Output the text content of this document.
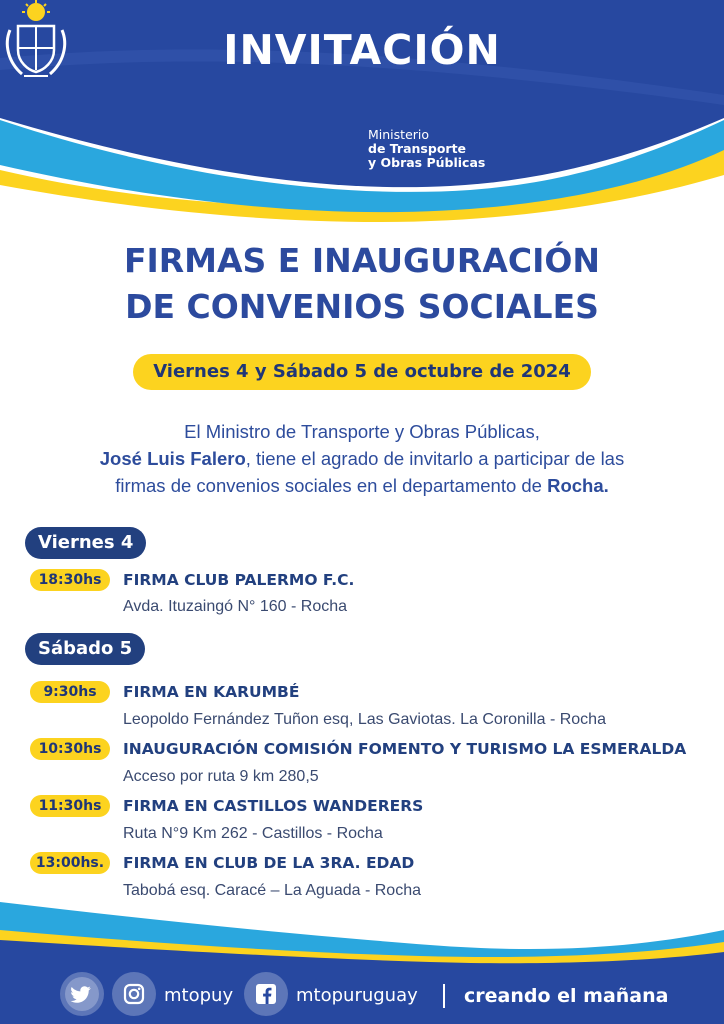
INVITACIÓN
Ministerio
de Transporte
y Obras Públicas
FIRMAS E INAUGURACIÓN
DE CONVENIOS SOCIALES
Viernes 4 y Sábado 5 de octubre de 2024
El Ministro de Transporte y Obras Públicas,
José Luis Falero, tiene el agrado de invitarlo a participar de las
firmas de convenios sociales en el departamento de Rocha.
Viernes 4
18:30hs	FIRMA CLUB PALERMO F.C.
Avda. Ituzaingó N° 160 - Rocha
Sábado 5
9:30hs	FIRMA EN KARUMBÉ
Leopoldo Fernández Tuñon esq, Las Gaviotas. La Coronilla - Rocha
10:30hs	INAUGURACIÓN COMISIÓN FOMENTO Y TURISMO LA ESMERALDA
Acceso por ruta 9 km 280,5
11:30hs	FIRMA EN CASTILLOS WANDERERS
Ruta N°9 Km 262 - Castillos - Rocha
13:00hs.	FIRMA EN CLUB DE LA 3RA. EDAD
Tabobá esq. Caracé – La Aguada - Rocha
mtopuy	mtopuruguay creando el mañana
